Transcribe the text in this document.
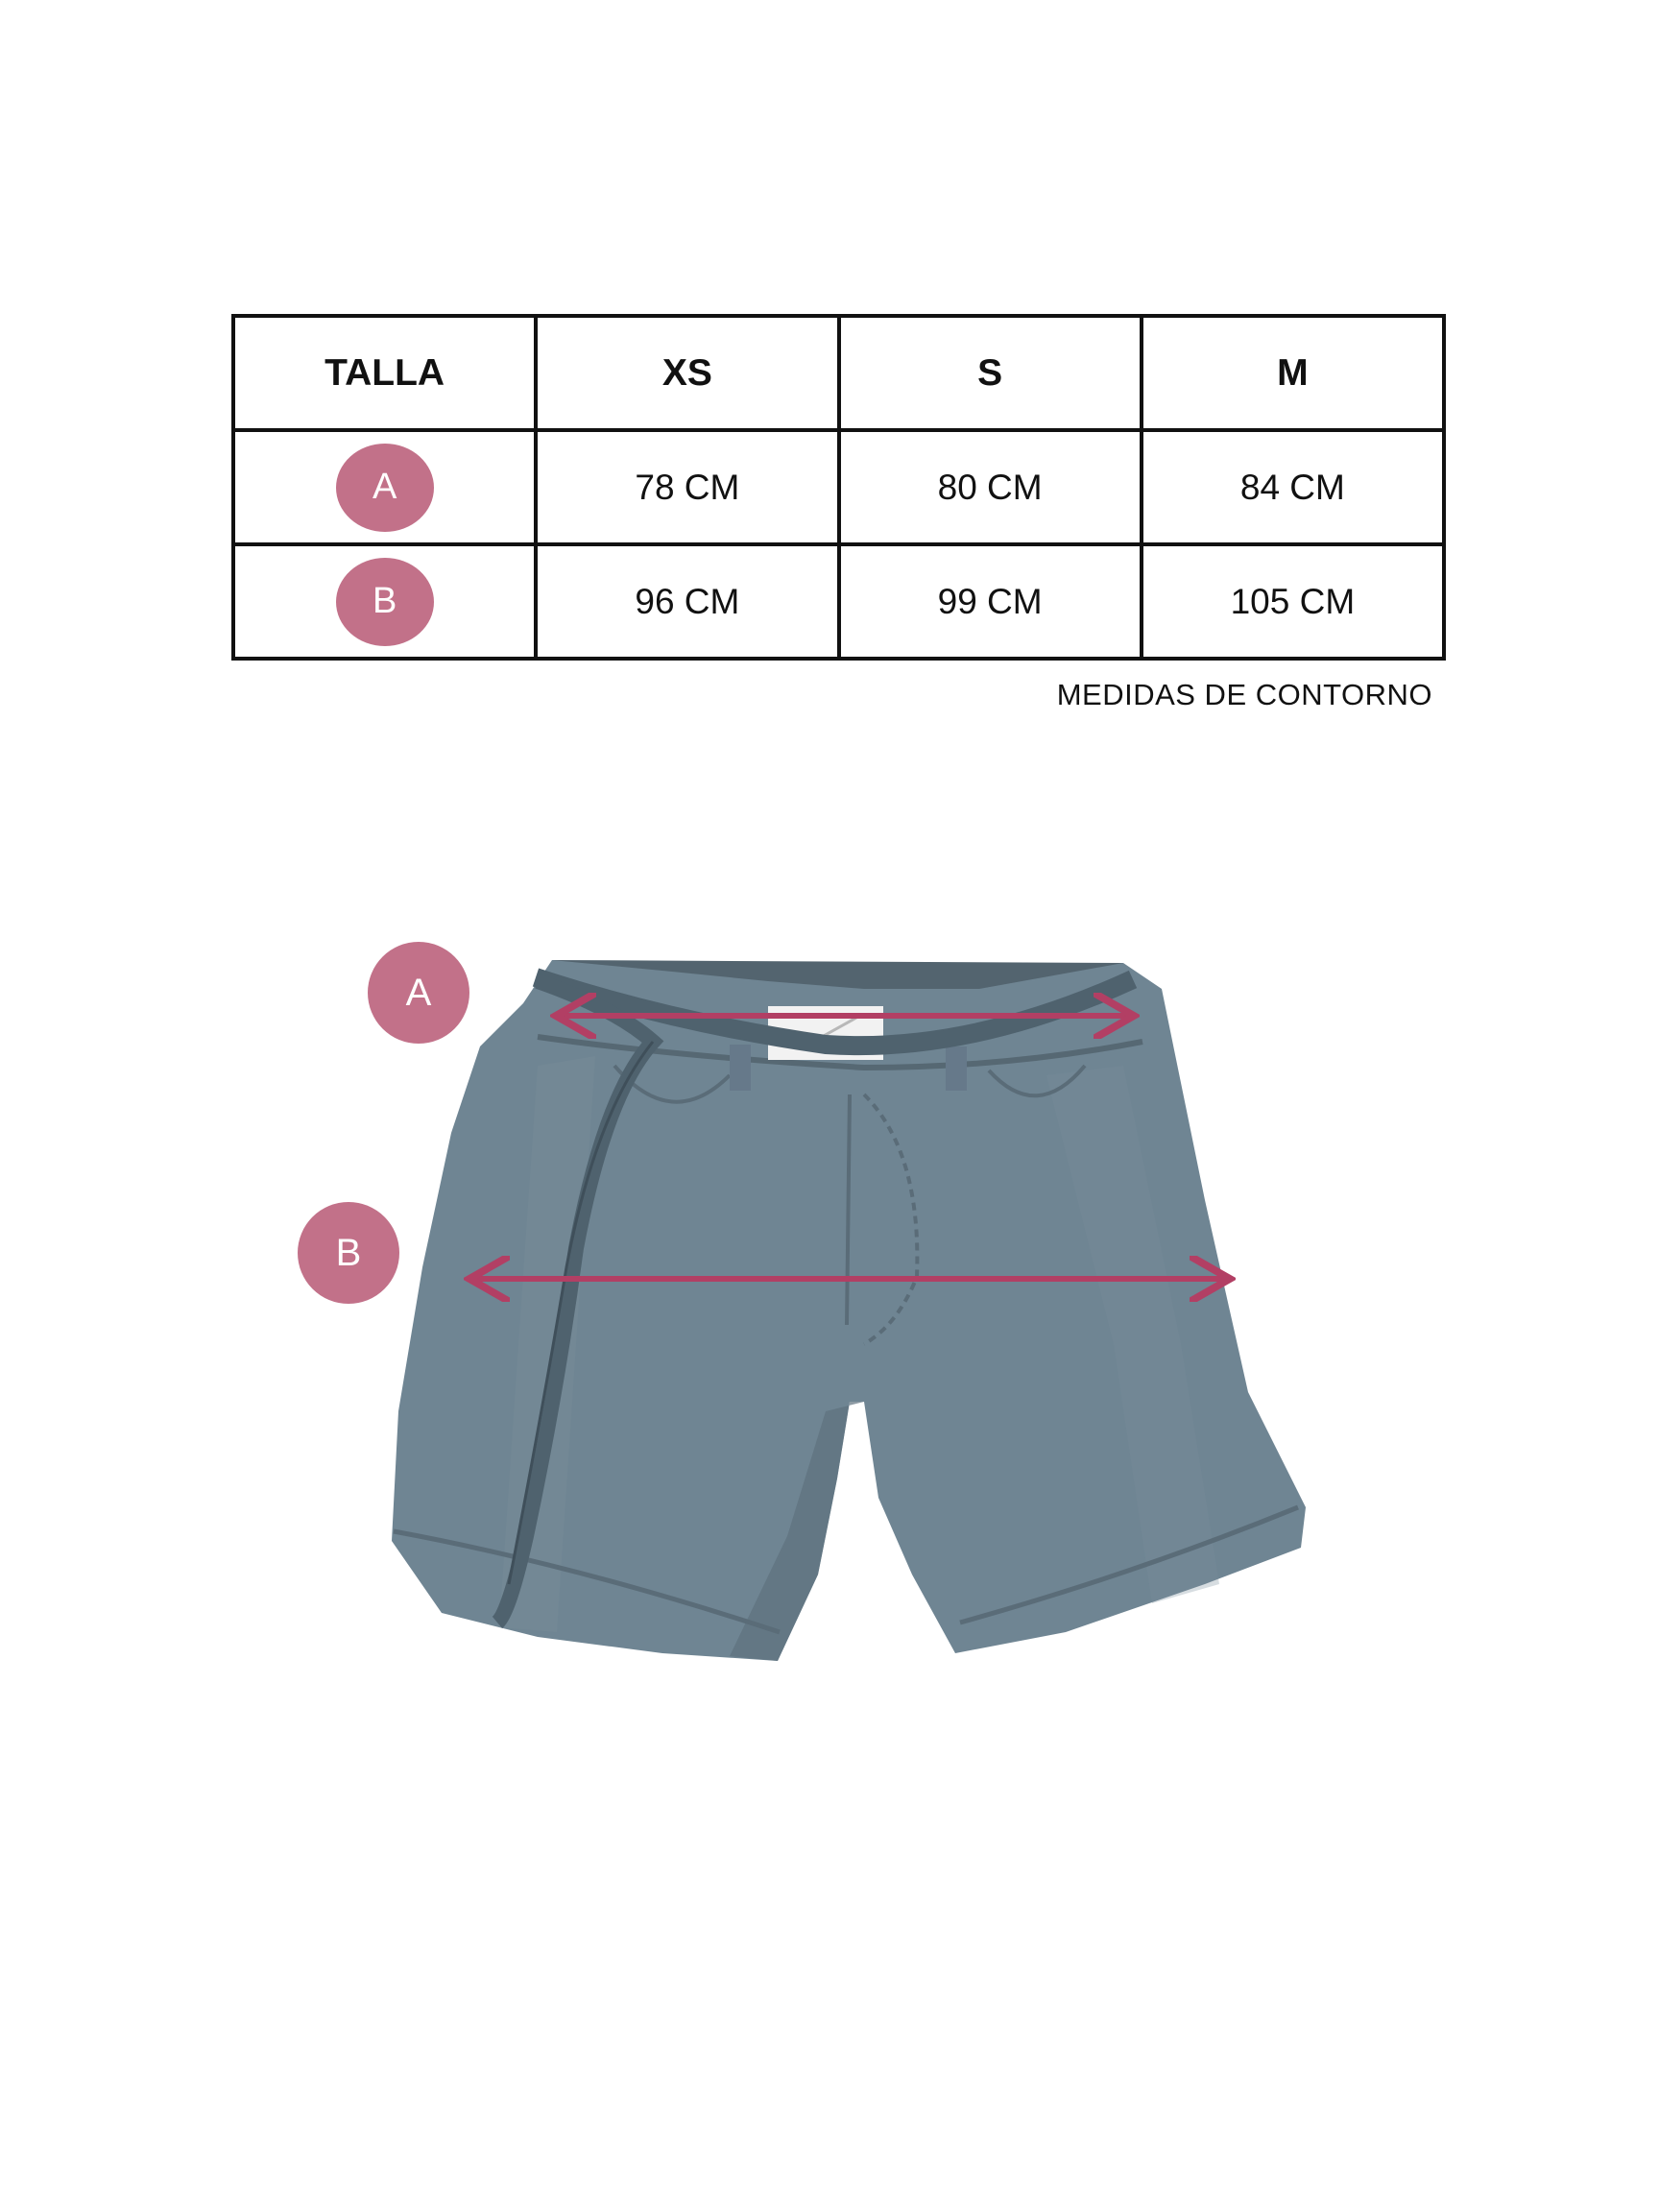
TALLA	XS	S	M
A	78 CM	80 CM	84 CM
B	96 CM	99 CM	105 CM
MEDIDAS DE CONTORNO
A
B
